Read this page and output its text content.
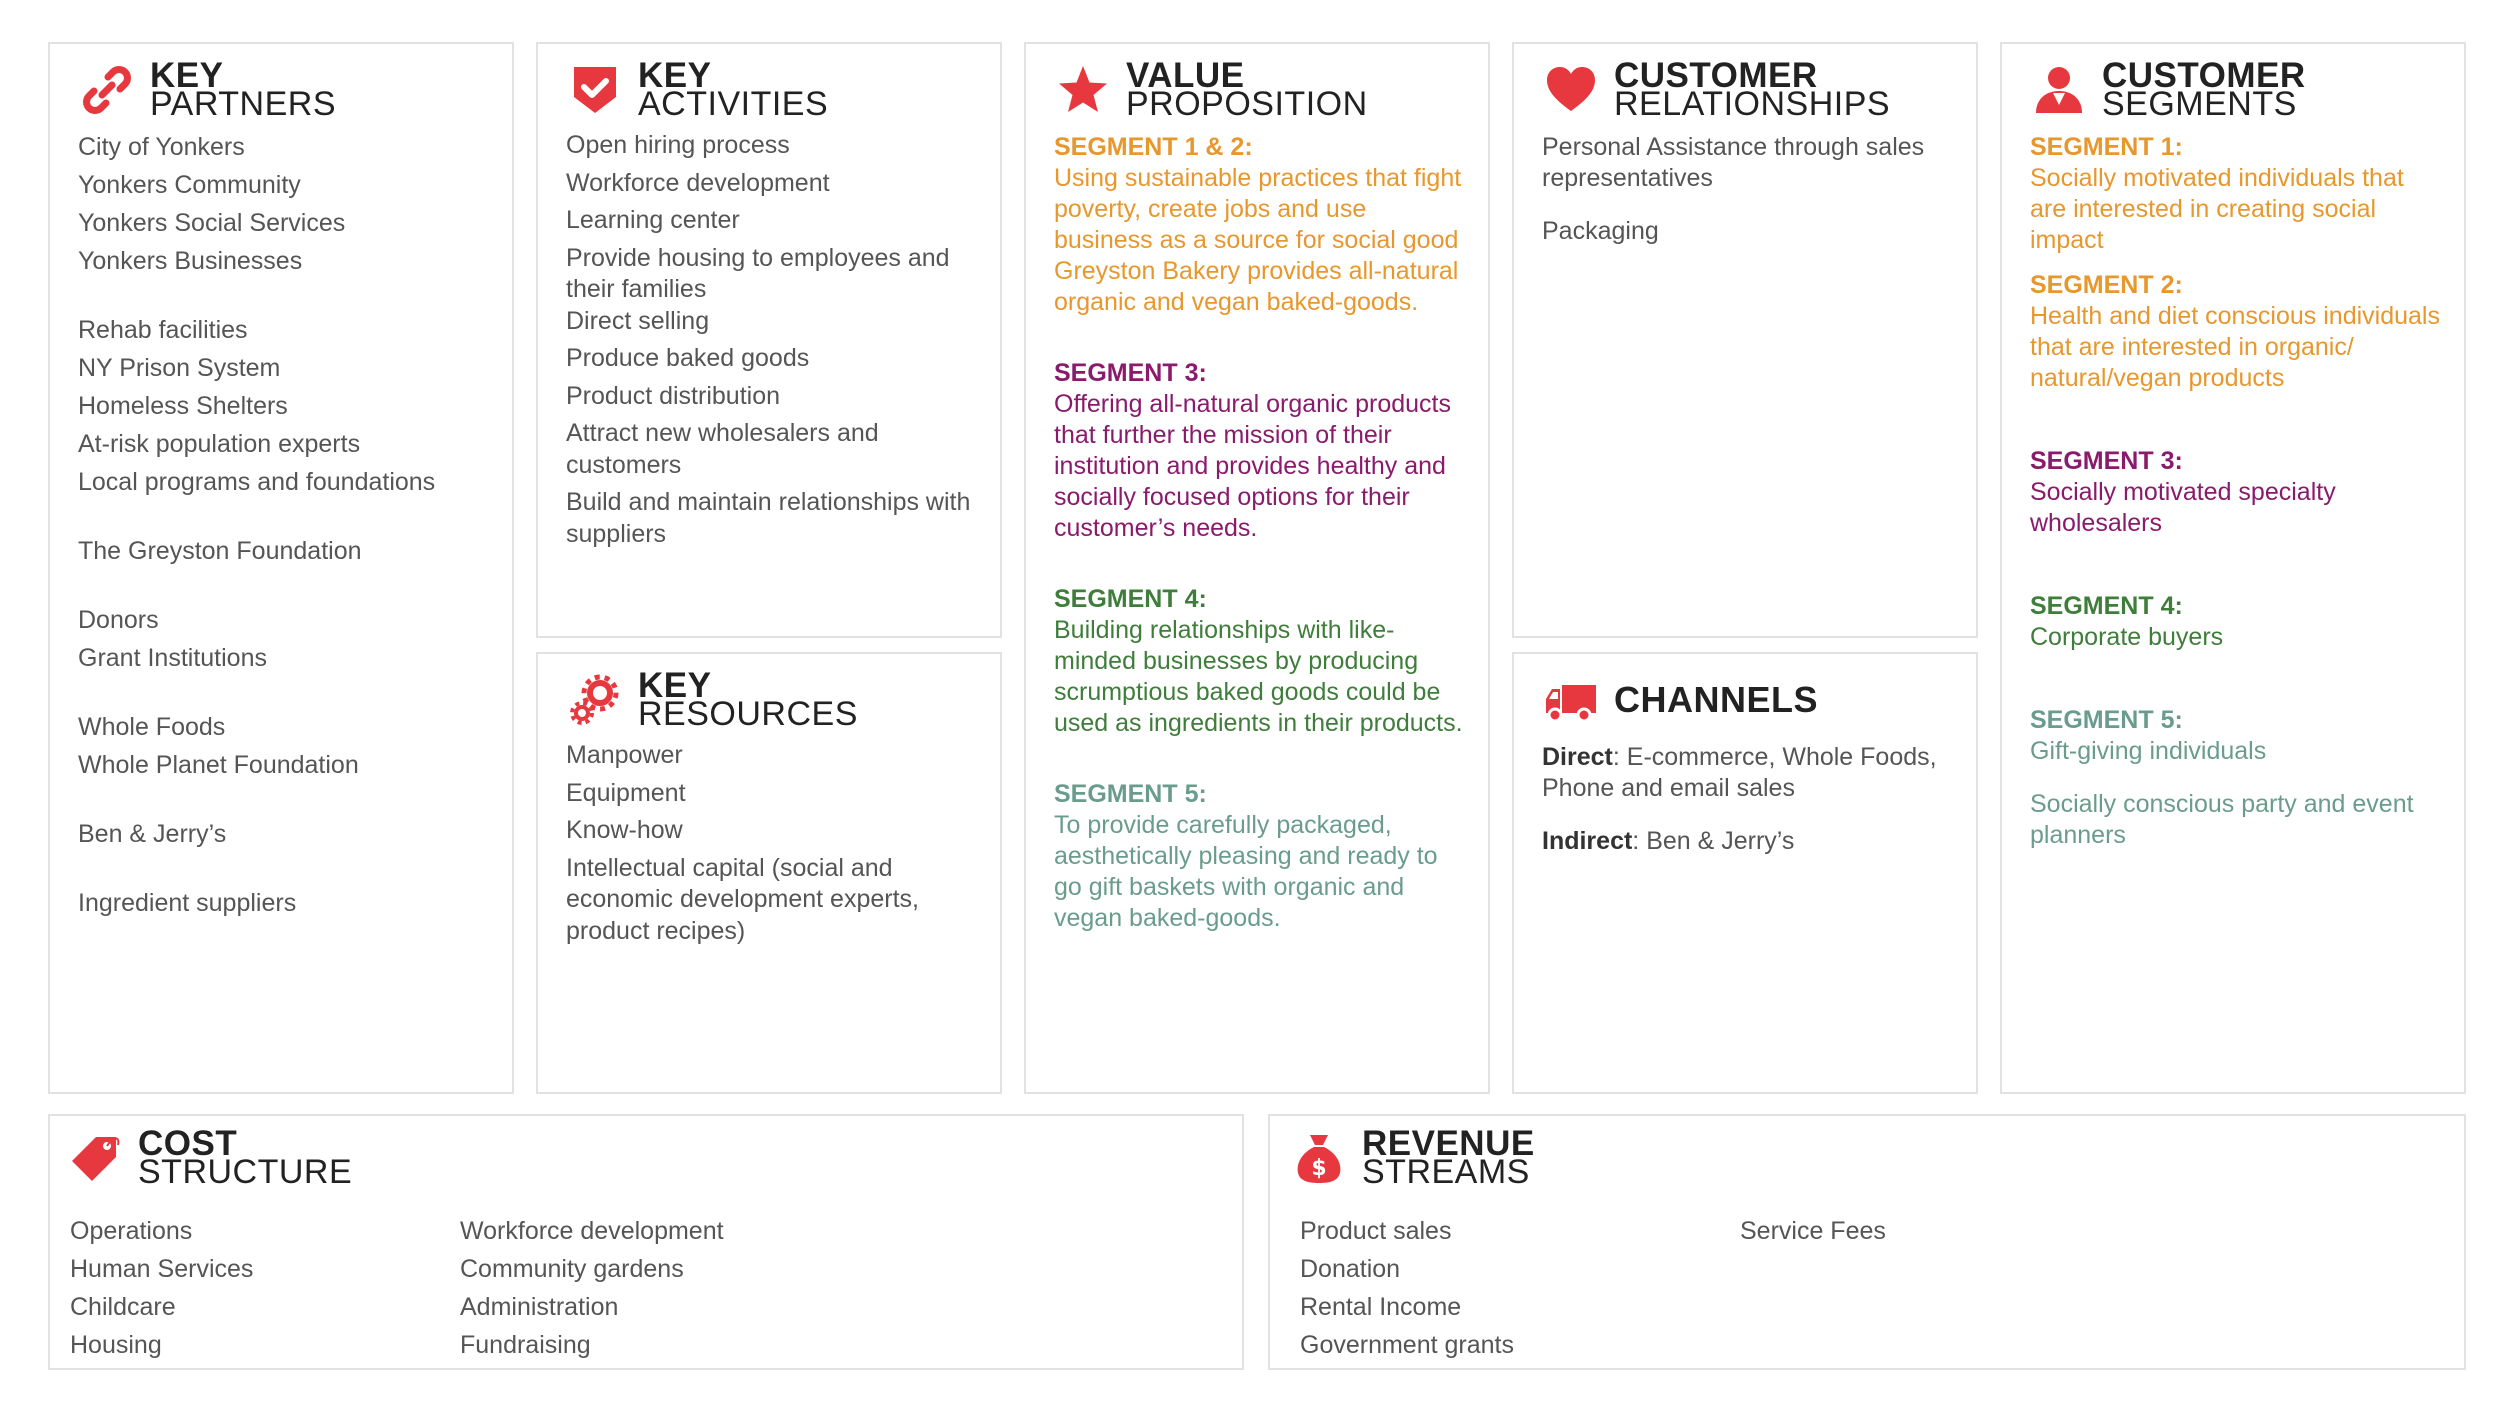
KEY
PARTNERS
City of Yonkers
Yonkers Community
Yonkers Social Services
Yonkers Businesses
Rehab facilities
NY Prison System
Homeless Shelters
At-risk population experts
Local programs and foundations
The Greyston Foundation
Donors
Grant Institutions
Whole Foods
Whole Planet Foundation
Ben & Jerry’s
Ingredient suppliers
KEY
ACTIVITIES
Open hiring process
Workforce development
Learning center
Provide housing to employees and their families
Direct selling
Produce baked goods
Product distribution
Attract new wholesalers and customers
Build and maintain relationships with suppliers
KEY
RESOURCES
Manpower
Equipment
Know-how
Intellectual capital (social and economic development experts, product recipes)
VALUE
PROPOSITION
SEGMENT 1 & 2:
Using sustainable practices that fight poverty, create jobs and use business as a source for social good Greyston Bakery provides all-natural organic and vegan baked-goods.
SEGMENT 3:
Offering all-natural organic products that further the mission of their institution and provides healthy and socially focused options for their customer’s needs.
SEGMENT 4:
Building relationships with like-minded businesses by producing scrumptious baked goods could be used as ingredients in their products.
SEGMENT 5:
To provide carefully packaged, aesthetically pleasing and ready to go gift baskets with organic and vegan baked-goods.
CUSTOMER
RELATIONSHIPS
Personal Assistance through sales representatives
Packaging
CHANNELS
Direct: E-commerce, Whole Foods, Phone and email sales
Indirect: Ben & Jerry’s
CUSTOMER
SEGMENTS
SEGMENT 1:
Socially motivated individuals that are interested in creating social impact
SEGMENT 2:
Health and diet conscious individuals that are interested in organic/ natural/vegan products
SEGMENT 3:
Socially motivated specialty wholesalers
SEGMENT 4:
Corporate buyers
SEGMENT 5:
Gift-giving individuals
Socially conscious party and event planners
COST
STRUCTURE
Operations
Human Services
Childcare
Housing
Workforce development
Community gardens
Administration
Fundraising
$
REVENUE
STREAMS
Product sales
Donation
Rental Income
Government grants
Service Fees
